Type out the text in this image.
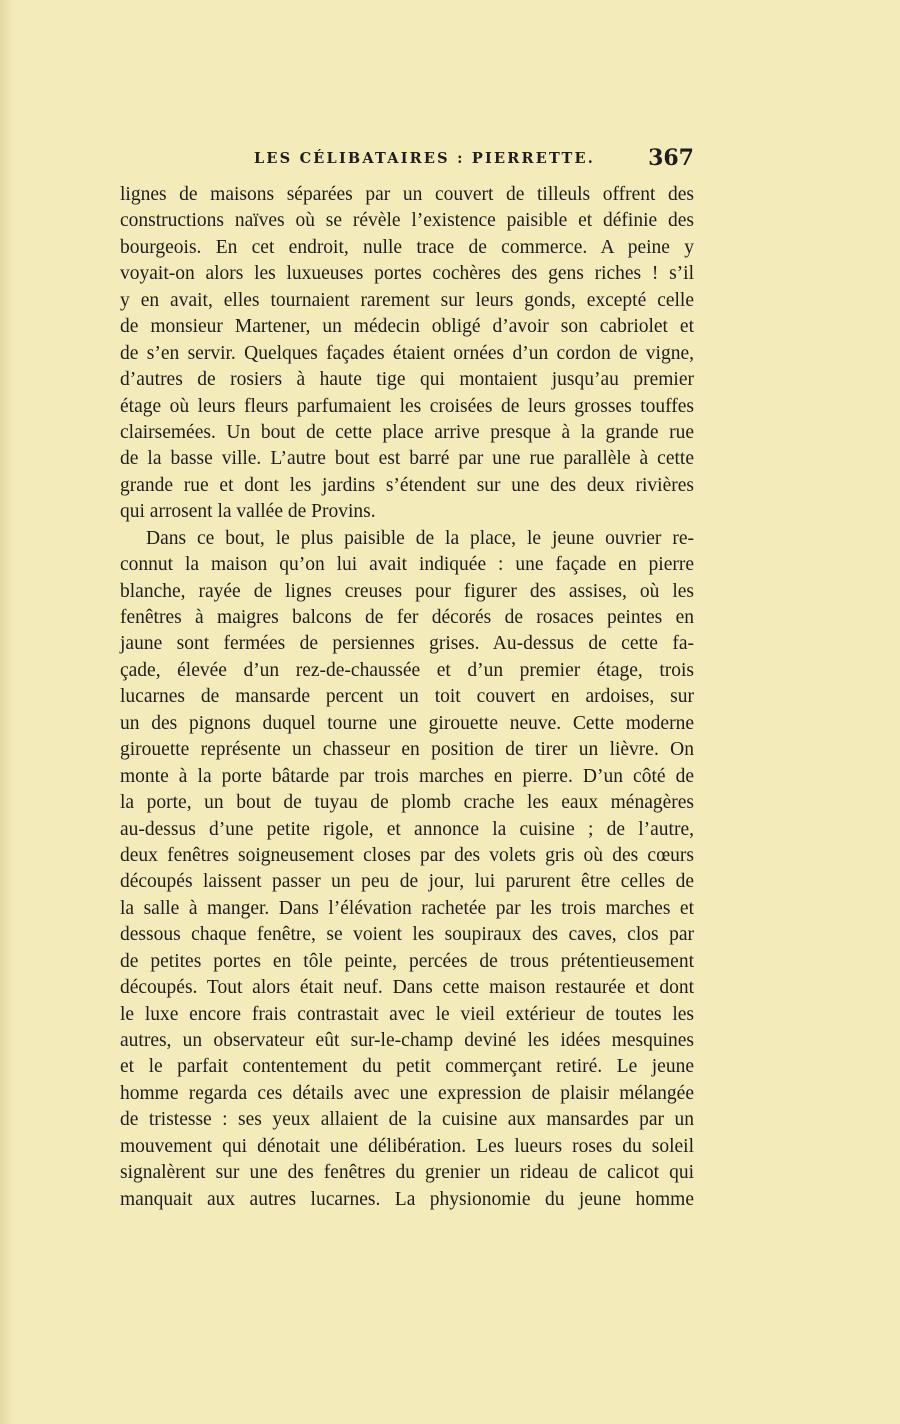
LES CÉLIBATAIRES : PIERRETTE. 367
lignes de maisons séparées par un couvert de tilleuls offrent des
constructions naïves où se révèle l’existence paisible et définie des
bourgeois. En cet endroit, nulle trace de commerce. A peine y
voyait-on alors les luxueuses portes cochères des gens riches ! s’il
y en avait, elles tournaient rarement sur leurs gonds, excepté celle
de monsieur Martener, un médecin obligé d’avoir son cabriolet et
de s’en servir. Quelques façades étaient ornées d’un cordon de vigne,
d’autres de rosiers à haute tige qui montaient jusqu’au premier
étage où leurs fleurs parfumaient les croisées de leurs grosses touffes
clairsemées. Un bout de cette place arrive presque à la grande rue
de la basse ville. L’autre bout est barré par une rue parallèle à cette
grande rue et dont les jardins s’étendent sur une des deux rivières
qui arrosent la vallée de Provins.
Dans ce bout, le plus paisible de la place, le jeune ouvrier re-
connut la maison qu’on lui avait indiquée : une façade en pierre
blanche, rayée de lignes creuses pour figurer des assises, où les
fenêtres à maigres balcons de fer décorés de rosaces peintes en
jaune sont fermées de persiennes grises. Au-dessus de cette fa-
çade, élevée d’un rez-de-chaussée et d’un premier étage, trois
lucarnes de mansarde percent un toit couvert en ardoises, sur
un des pignons duquel tourne une girouette neuve. Cette moderne
girouette représente un chasseur en position de tirer un lièvre. On
monte à la porte bâtarde par trois marches en pierre. D’un côté de
la porte, un bout de tuyau de plomb crache les eaux ménagères
au-dessus d’une petite rigole, et annonce la cuisine ; de l’autre,
deux fenêtres soigneusement closes par des volets gris où des cœurs
découpés laissent passer un peu de jour, lui parurent être celles de
la salle à manger. Dans l’élévation rachetée par les trois marches et
dessous chaque fenêtre, se voient les soupiraux des caves, clos par
de petites portes en tôle peinte, percées de trous prétentieusement
découpés. Tout alors était neuf. Dans cette maison restaurée et dont
le luxe encore frais contrastait avec le vieil extérieur de toutes les
autres, un observateur eût sur-le-champ deviné les idées mesquines
et le parfait contentement du petit commerçant retiré. Le jeune
homme regarda ces détails avec une expression de plaisir mélangée
de tristesse : ses yeux allaient de la cuisine aux mansardes par un
mouvement qui dénotait une délibération. Les lueurs roses du soleil
signalèrent sur une des fenêtres du grenier un rideau de calicot qui
manquait aux autres lucarnes. La physionomie du jeune homme
